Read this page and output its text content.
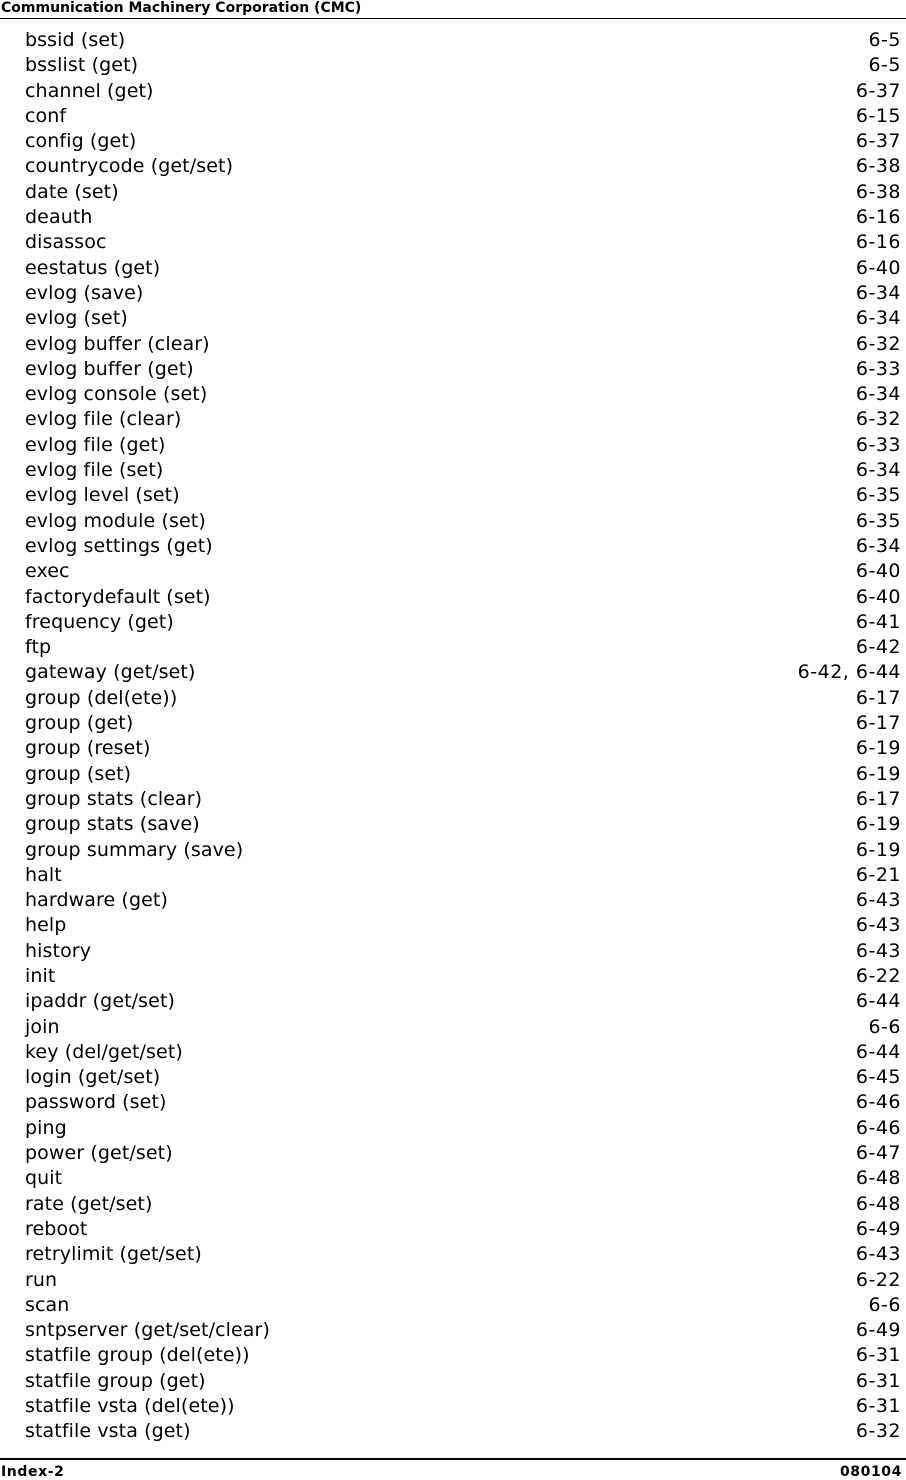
Communication Machinery Corporation (CMC)
bssid (set)	6-5
bsslist (get)	6-5
channel (get)	6-37
conf	6-15
config (get)	6-37
countrycode (get/set)	6-38
date (set)	6-38
deauth	6-16
disassoc	6-16
eestatus (get)	6-40
evlog (save)	6-34
evlog (set)	6-34
evlog buffer (clear)	6-32
evlog buffer (get)	6-33
evlog console (set)	6-34
evlog file (clear)	6-32
evlog file (get)	6-33
evlog file (set)	6-34
evlog level (set)	6-35
evlog module (set)	6-35
evlog settings (get)	6-34
exec	6-40
factorydefault (set)	6-40
frequency (get)	6-41
ftp	6-42
gateway (get/set)	6-42, 6-44
group (del(ete))	6-17
group (get)	6-17
group (reset)	6-19
group (set)	6-19
group stats (clear)	6-17
group stats (save)	6-19
group summary (save)	6-19
halt	6-21
hardware (get)	6-43
help	6-43
history	6-43
init	6-22
ipaddr (get/set)	6-44
join	6-6
key (del/get/set)	6-44
login (get/set)	6-45
password (set)	6-46
ping	6-46
power (get/set)	6-47
quit	6-48
rate (get/set)	6-48
reboot	6-49
retrylimit (get/set)	6-43
run	6-22
scan	6-6
sntpserver (get/set/clear)	6-49
statfile group (del(ete))	6-31
statfile group (get)	6-31
statfile vsta (del(ete))	6-31
statfile vsta (get)	6-32
Index-2	080104
